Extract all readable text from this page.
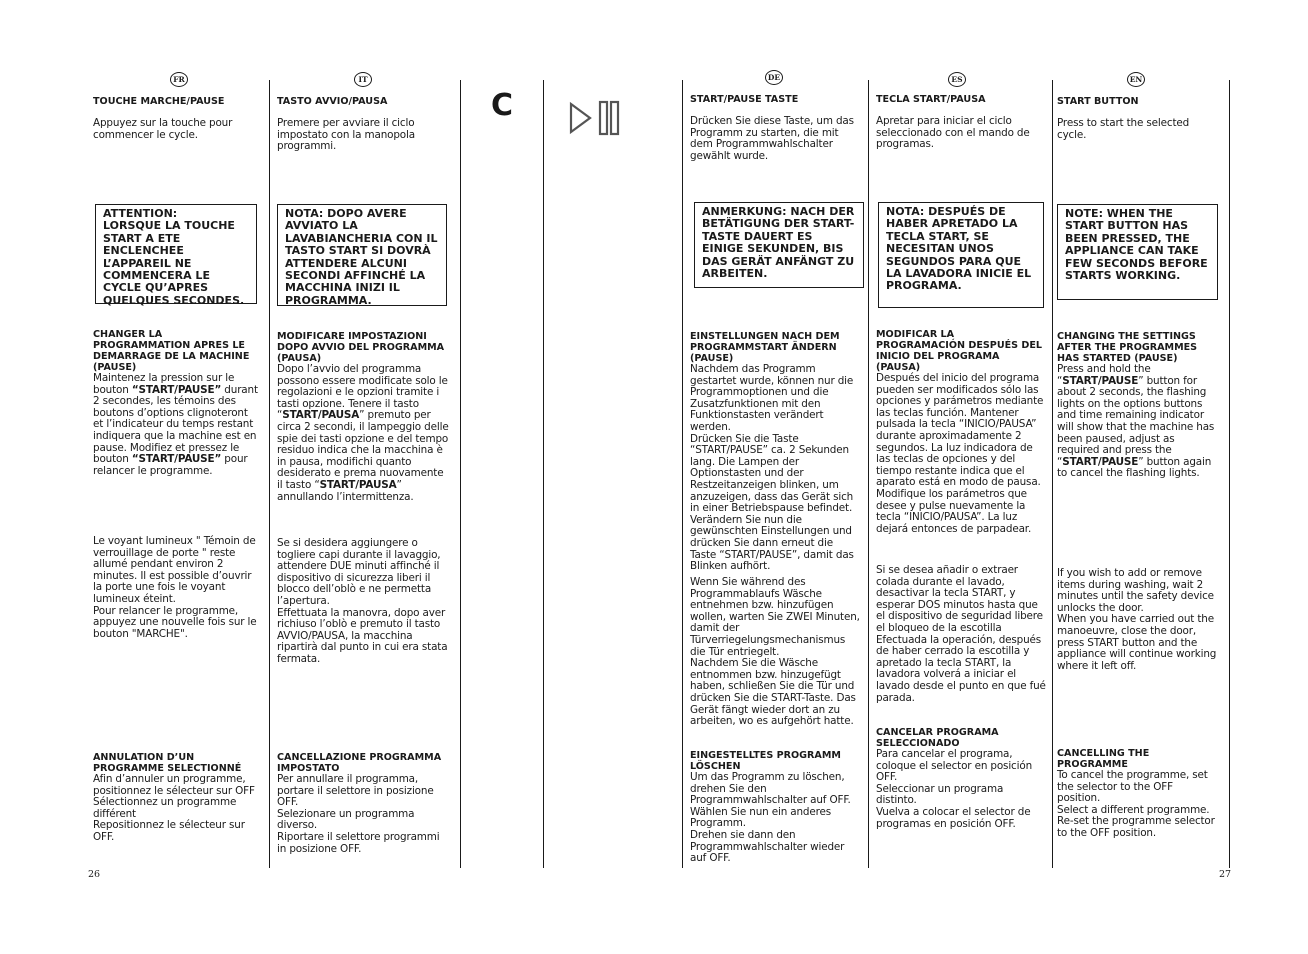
FR	IT	DE	ES	EN
C

TOUCHE MARCHE/PAUSE

Appuyez sur la touche pour commencer le cycle.

ATTENTION:
LORSQUE LA TOUCHE START A ETE ENCLENCHEE L’APPAREIL NE COMMENCERA LE CYCLE QU’APRES QUELQUES SECONDES.

CHANGER LA PROGRAMMATION APRES LE DEMARRAGE DE LA MACHINE (PAUSE)

Maintenez la pression sur le bouton “START/PAUSE” durant 2 secondes, les témoins des boutons d’options clignoteront et l’indicateur du temps restant indiquera que la machine est en pause. Modifiez et pressez le bouton “START/PAUSE” pour relancer le programme.

Le voyant lumineux " Témoin de verrouillage de porte " reste allumé pendant environ 2 minutes. Il est possible d’ouvrir la porte une fois le voyant lumineux éteint.
Pour relancer le programme, appuyez une nouvelle fois sur le bouton "MARCHE".

ANNULATION D’UN PROGRAMME SELECTIONNÉ

Afin d’annuler un programme, positionnez le sélecteur sur OFF
Sélectionnez un programme différent
Repositionnez le sélecteur sur OFF.

TASTO AVVIO/PAUSA

Premere per avviare il ciclo impostato con la manopola programmi.

NOTA: DOPO AVERE AVVIATO LA LAVABIANCHERIA CON IL TASTO START SI DOVRÀ ATTENDERE ALCUNI SECONDI AFFINCHÉ LA MACCHINA INIZI IL PROGRAMMA.

MODIFICARE IMPOSTAZIONI DOPO AVVIO DEL PROGRAMMA (PAUSA)

Dopo l’avvio del programma possono essere modificate solo le regolazioni e le opzioni tramite i tasti opzione. Tenere il tasto “START/PAUSA” premuto per circa 2 secondi, il lampeggio delle spie dei tasti opzione e del tempo residuo indica che la macchina è in pausa, modifichi quanto desiderato e prema nuovamente il tasto “START/PAUSA” annullando l’intermittenza.

Se si desidera aggiungere o togliere capi durante il lavaggio, attendere DUE minuti affinché il dispositivo di sicurezza liberi il blocco dell’oblò e ne permetta l’apertura.
Effettuata la manovra, dopo aver richiuso l’oblò e premuto il tasto AVVIO/PAUSA, la macchina ripartirà dal punto in cui era stata fermata.

CANCELLAZIONE PROGRAMMA IMPOSTATO

Per annullare il programma, portare il selettore in posizione OFF.
Selezionare un programma diverso.
Riportare il selettore programmi in posizione OFF.

START/PAUSE TASTE

Drücken Sie diese Taste, um das Programm zu starten, die mit dem Programmwahlschalter gewählt wurde.

ANMERKUNG: NACH DER BETÄTIGUNG DER START-TASTE DAUERT ES EINIGE SEKUNDEN, BIS DAS GERÄT ANFÄNGT ZU ARBEITEN.

EINSTELLUNGEN NACH DEM PROGRAMMSTART ÄNDERN (PAUSE)

Nachdem das Programm gestartet wurde, können nur die Programmoptionen und die Zusatzfunktionen mit den Funktionstasten verändert werden.
Drücken Sie die Taste “START/PAUSE” ca. 2 Sekunden lang. Die Lampen der Optionstasten und der Restzeitanzeigen blinken, um anzuzeigen, dass das Gerät sich in einer Betriebspause befindet. Verändern Sie nun die gewünschten Einstellungen und drücken Sie dann erneut die Taste “START/PAUSE”, damit das Blinken aufhört.

Wenn Sie während des Programmablaufs Wäsche entnehmen bzw. hinzufügen wollen, warten Sie ZWEI Minuten, damit der Türverriegelungsmechanismus die Tür entriegelt.
Nachdem Sie die Wäsche entnommen bzw. hinzugefügt haben, schließen Sie die Tür und drücken Sie die START-Taste. Das Gerät fängt wieder dort an zu arbeiten, wo es aufgehört hatte.

EINGESTELLTES PROGRAMM LÖSCHEN

Um das Programm zu löschen, drehen Sie den Programmwahlschalter auf OFF. Wählen Sie nun ein anderes Programm.
Drehen sie dann den Programmwahlschalter wieder auf OFF.

TECLA START/PAUSA

Apretar para iniciar el ciclo seleccionado con el mando de programas.

NOTA: DESPUÉS DE HABER APRETADO LA TECLA START, SE NECESITAN UNOS SEGUNDOS PARA QUE LA LAVADORA INICIE EL PROGRAMA.

MODIFICAR LA PROGRAMACIÓN DESPUÉS DEL INICIO DEL PROGRAMA (PAUSA)

Después del inicio del programa pueden ser modificados sólo las opciones y parámetros mediante las teclas función. Mantener pulsada la tecla “INICIO/PAUSA” durante aproximadamente 2 segundos. La luz indicadora de las teclas de opciones y del tiempo restante indica que el aparato está en modo de pausa. Modifique los parámetros que desee y pulse nuevamente la tecla “INICIO/PAUSA”. La luz dejará entonces de parpadear.

Si se desea añadir o extraer colada durante el lavado, desactivar la tecla START, y esperar DOS minutos hasta que el dispositivo de seguridad libere el bloqueo de la escotilla Efectuada la operación, después de haber cerrado la escotilla y apretado la tecla START, la lavadora volverá a iniciar el lavado desde el punto en que fué parada.

CANCELAR PROGRAMA SELECCIONADO

Para cancelar el programa, coloque el selector en posición OFF.
Seleccionar un programa distinto.
Vuelva a colocar el selector de programas en posición OFF.

START BUTTON

Press to start the selected cycle.

NOTE: WHEN THE START BUTTON HAS BEEN PRESSED, THE APPLIANCE CAN TAKE FEW SECONDS BEFORE STARTS WORKING.

CHANGING THE SETTINGS AFTER THE PROGRAMMES HAS STARTED (PAUSE)

Press and hold the “START/PAUSE” button for about 2 seconds, the flashing lights on the options buttons and time remaining indicator will show that the machine has been paused, adjust as required and press the “START/PAUSE” button again to cancel the flashing lights.

If you wish to add or remove items during washing, wait 2 minutes until the safety device unlocks the door.
When you have carried out the manoeuvre, close the door, press START button and the appliance will continue working where it left off.

CANCELLING THE PROGRAMME

To cancel the programme, set the selector to the OFF position.
Select a different programme.
Re-set the programme selector to the OFF position.

26	27
